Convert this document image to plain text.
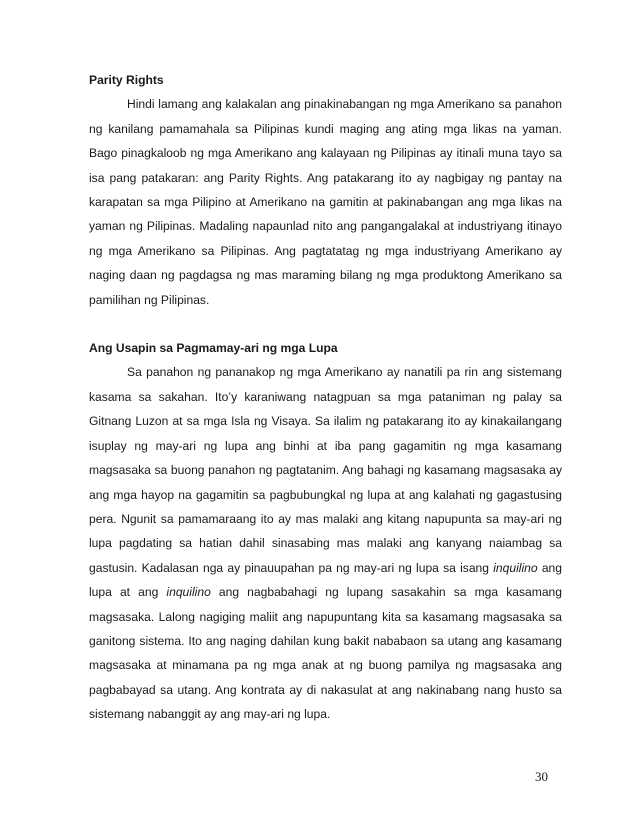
Parity Rights

Hindi lamang ang kalakalan ang pinakinabangan ng mga Amerikano sa panahon ng kanilang pamamahala sa Pilipinas kundi maging ang ating mga likas na yaman. Bago pinagkaloob ng mga Amerikano ang kalayaan ng Pilipinas ay itinali muna tayo sa isa pang patakaran: ang Parity Rights. Ang patakarang ito ay nagbigay ng pantay na karapatan sa mga Pilipino at Amerikano na gamitin at pakinabangan ang mga likas na yaman ng Pilipinas. Madaling napaunlad nito ang pangangalakal at industriyang itinayo ng mga Amerikano sa Pilipinas. Ang pagtatatag ng mga industriyang Amerikano ay naging daan ng pagdagsa ng mas maraming bilang ng mga produktong Amerikano sa pamilihan ng Pilipinas.

Ang Usapin sa Pagmamay-ari ng mga Lupa

Sa panahon ng pananakop ng mga Amerikano ay nanatili pa rin ang sistemang kasama sa sakahan. Ito’y karaniwang natagpuan sa mga pataniman ng palay sa Gitnang Luzon at sa mga Isla ng Visaya. Sa ilalim ng patakarang ito ay kinakailangang isuplay ng may-ari ng lupa ang binhi at iba pang gagamitin ng mga kasamang magsasaka sa buong panahon ng pagtatanim. Ang bahagi ng kasamang magsasaka ay ang mga hayop na gagamitin sa pagbubungkal ng lupa at ang kalahati ng gagastusing pera. Ngunit sa pamamaraang ito ay mas malaki ang kitang napupunta sa may-ari ng lupa pagdating sa hatian dahil sinasabing mas malaki ang kanyang naiambag sa gastusin. Kadalasan nga ay pinauupahan pa ng may-ari ng lupa sa isang inquilino ang lupa at ang inquilino ang nagbabahagi ng lupang sasakahin sa mga kasamang magsasaka. Lalong nagiging maliit ang napupuntang kita sa kasamang magsasaka sa ganitong sistema. Ito ang naging dahilan kung bakit nababaon sa utang ang kasamang magsasaka at minamana pa ng mga anak at ng buong pamilya ng magsasaka ang pagbabayad sa utang. Ang kontrata ay di nakasulat at ang nakinabang nang husto sa sistemang nabanggit ay ang may-ari ng lupa.

30
